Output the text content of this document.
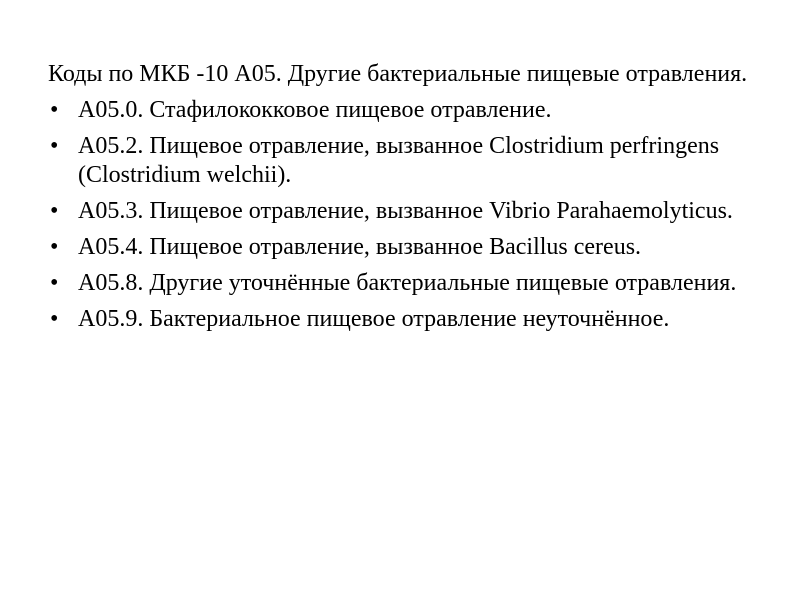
Коды по МКБ -10 А05. Другие бактериальные пищевые отравления.

• А05.0. Стафилококковое пищевое отравление.
• А05.2. Пищевое отравление, вызванное Clostridium perfringens (Clostridium welchii).
• А05.3. Пищевое отравление, вызванное Vibrio Parahaemolyticus.
• А05.4. Пищевое отравление, вызванное Bacillus cereus.
• А05.8. Другие уточнённые бактериальные пищевые отравления.
• А05.9. Бактериальное пищевое отравление неуточнённое.
